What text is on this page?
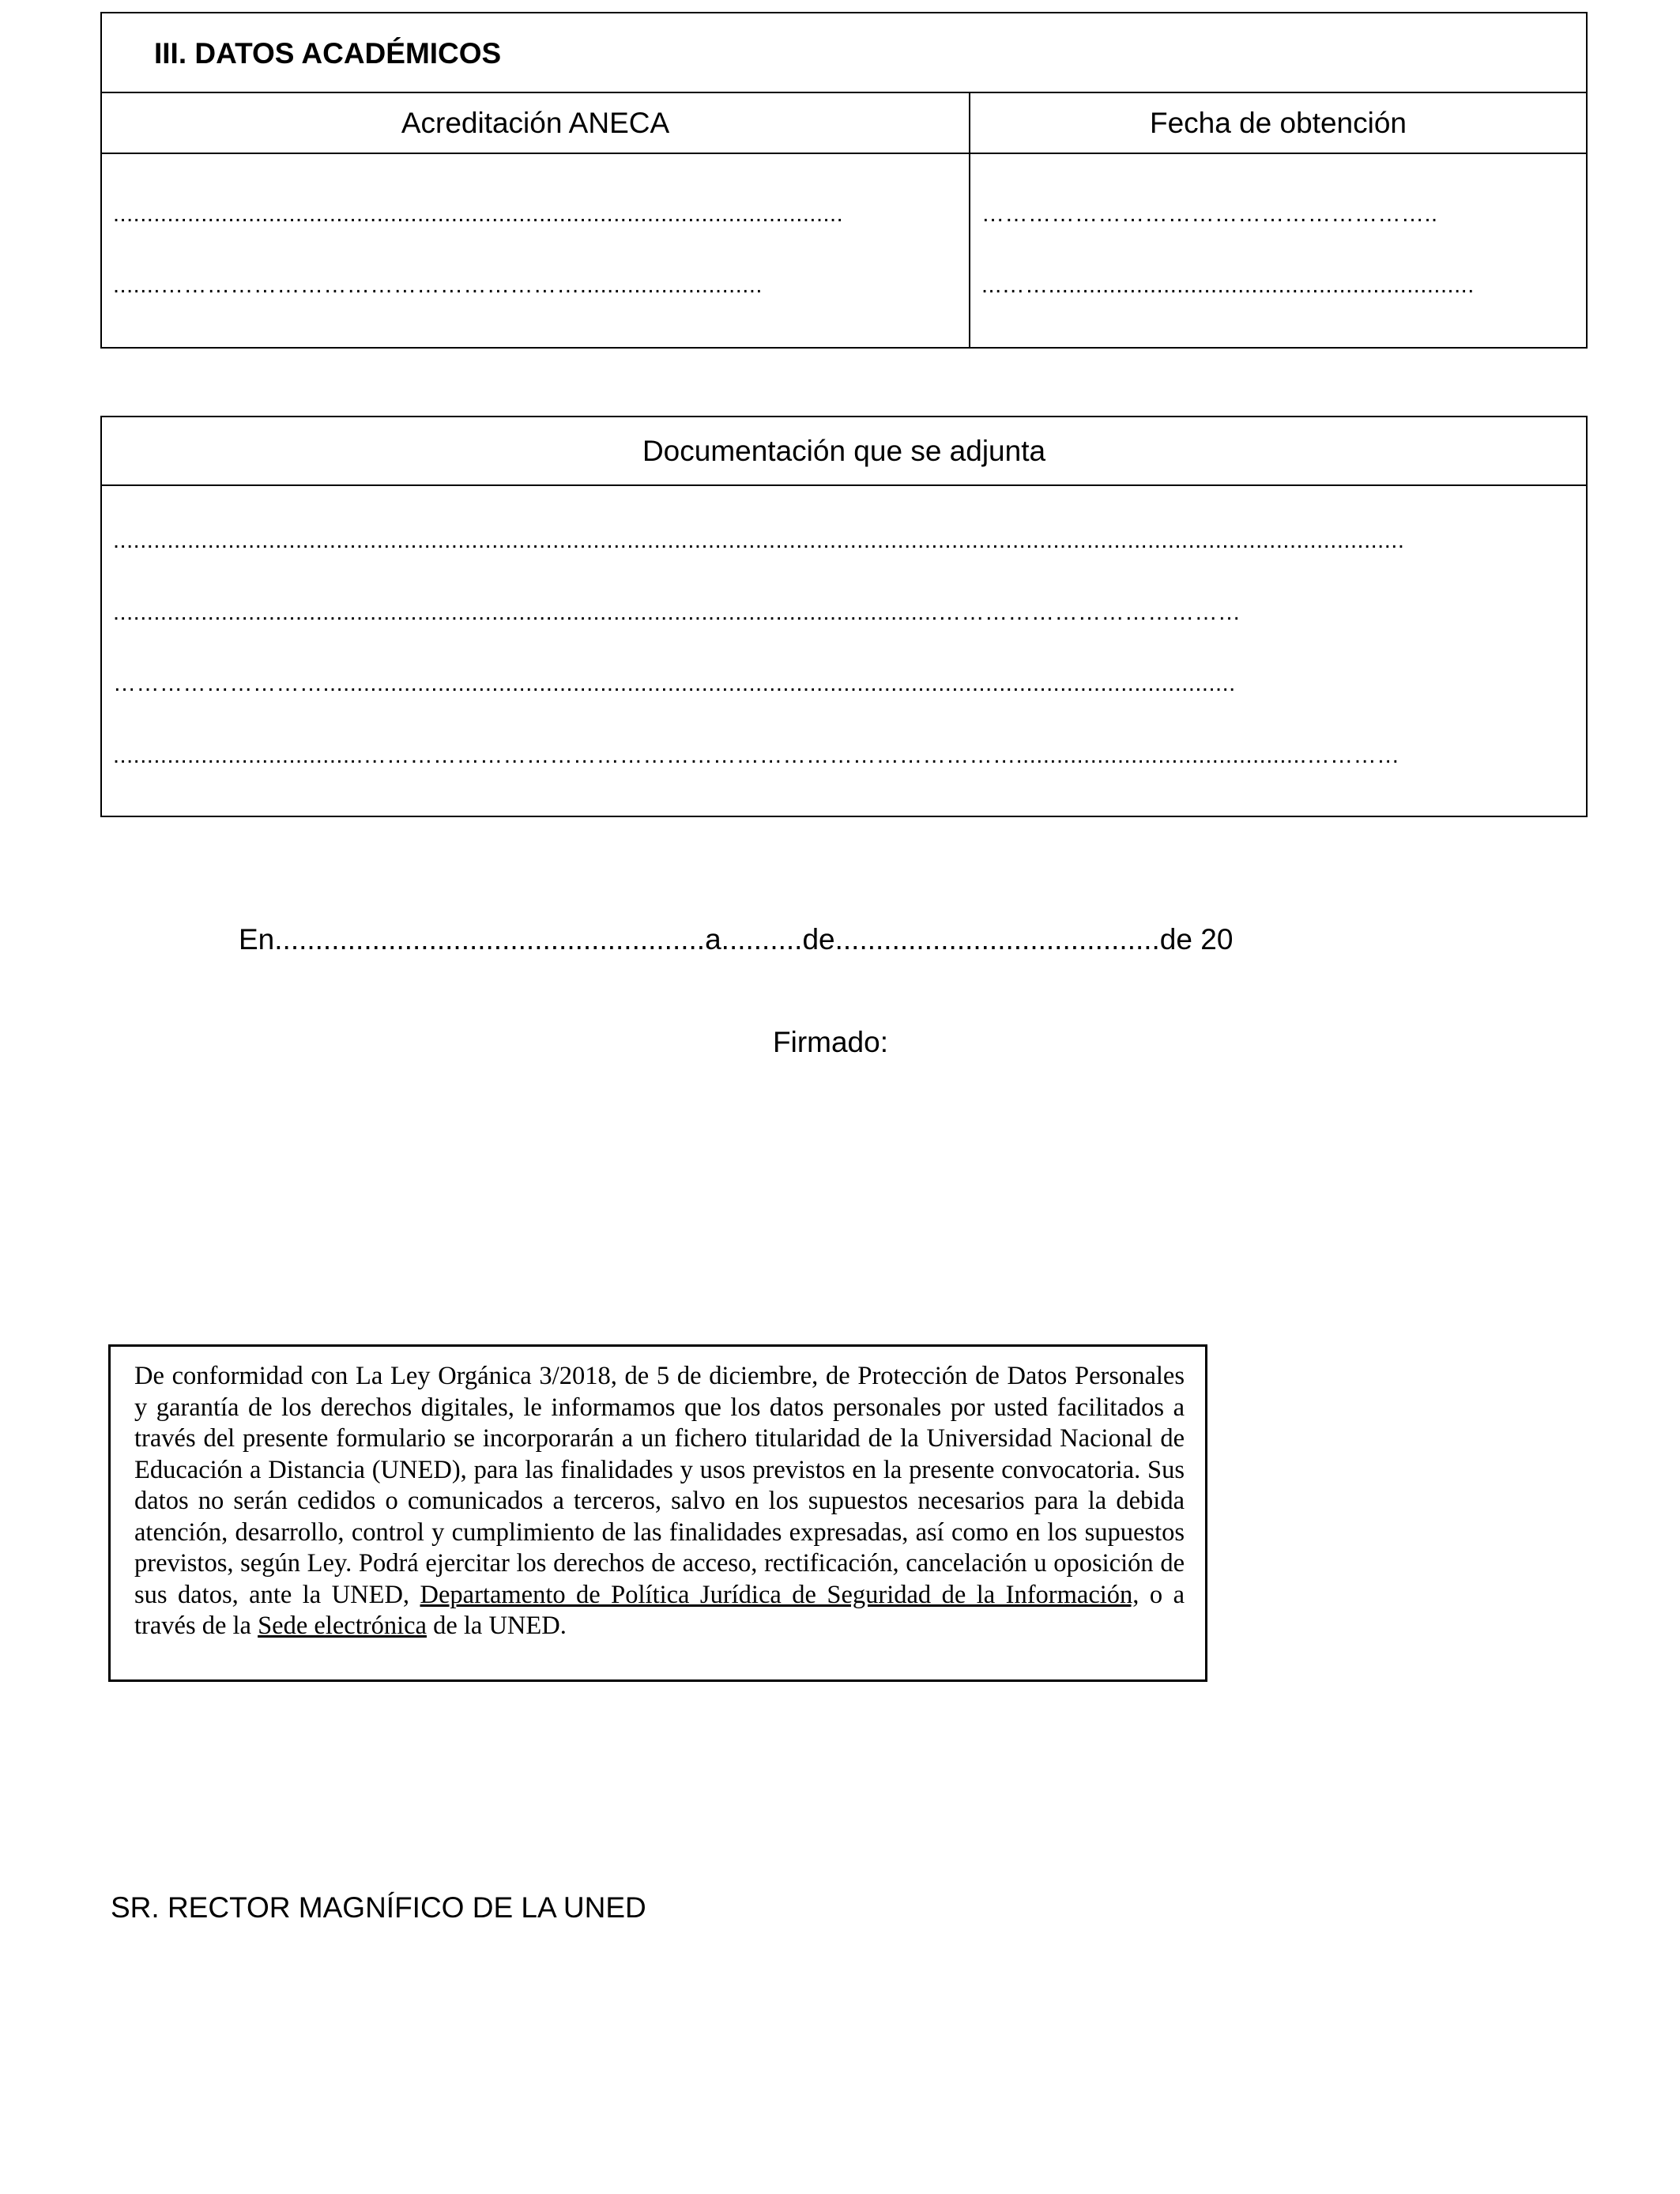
III. DATOS ACADÉMICOS
Acreditación ANECA	Fecha de obtención
............................................................................................................
.......………………………………………………...........................
…………………………………………………..
...……...............................................................
Documentación que se adjunta
...............................................................................................................................................................................................
..........................................................................................................................…………………………………
……………………….......................................................................................................................................
.....................................…………………………………………………………………………...........................................…………
En.....................................................a..........de........................................de 20
Firmado:
De conformidad con La Ley Orgánica 3/2018, de 5 de diciembre, de Protección de Datos Personales y garantía de los derechos digitales, le informamos que los datos personales por usted facilitados a través del presente formulario se incorporarán a un fichero titularidad de la Universidad Nacional de Educación a Distancia (UNED), para las finalidades y usos previstos en la presente convocatoria. Sus datos no serán cedidos o comunicados a terceros, salvo en los supuestos necesarios para la debida atención, desarrollo, control y cumplimiento de las finalidades expresadas, así como en los supuestos previstos, según Ley. Podrá ejercitar los derechos de acceso, rectificación, cancelación u oposición de sus datos, ante la UNED, Departamento de Política Jurídica de Seguridad de la Información, o a través de la Sede electrónica de la UNED.
SR. RECTOR MAGNÍFICO DE LA UNED
